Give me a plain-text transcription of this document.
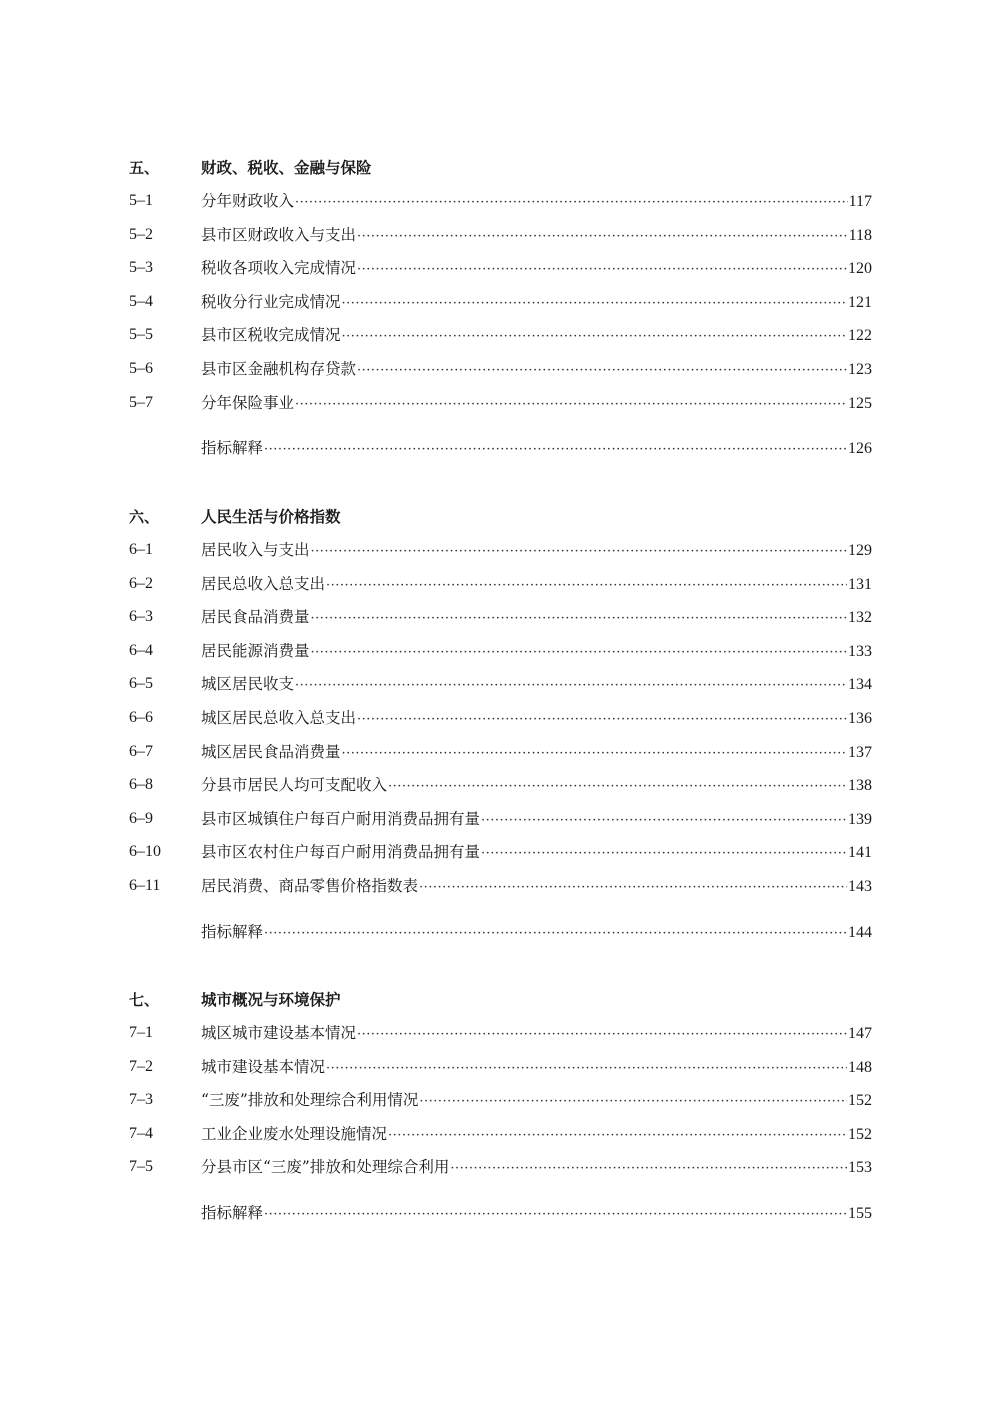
五、	财政、税收、金融与保险
5–1	分年财政收入 ·····	117
5–2	县市区财政收入与支出 ·····	118
5–3	税收各项收入完成情况 ·····	120
5–4	税收分行业完成情况 ·····	121
5–5	县市区税收完成情况 ·····	122
5–6	县市区金融机构存贷款 ·····	123
5–7	分年保险事业 ·····	125
指标解释 ·····	126
六、	人民生活与价格指数
6–1	居民收入与支出 ·····	129
6–2	居民总收入总支出 ·····	131
6–3	居民食品消费量 ·····	132
6–4	居民能源消费量 ·····	133
6–5	城区居民收支 ·····	134
6–6	城区居民总收入总支出 ·····	136
6–7	城区居民食品消费量 ·····	137
6–8	分县市居民人均可支配收入 ·····	138
6–9	县市区城镇住户每百户耐用消费品拥有量 ·····	139
6–10	县市区农村住户每百户耐用消费品拥有量 ·····	141
6–11	居民消费、商品零售价格指数表 ·····	143
指标解释 ·····	144
七、	城市概况与环境保护
7–1	城区城市建设基本情况 ·····	147
7–2	城市建设基本情况 ·····	148
7–3	“三废”排放和处理综合利用情况 ·····	152
7–4	工业企业废水处理设施情况 ·····	152
7–5	分县市区“三废”排放和处理综合利用 ·····	153
指标解释 ·····	155
